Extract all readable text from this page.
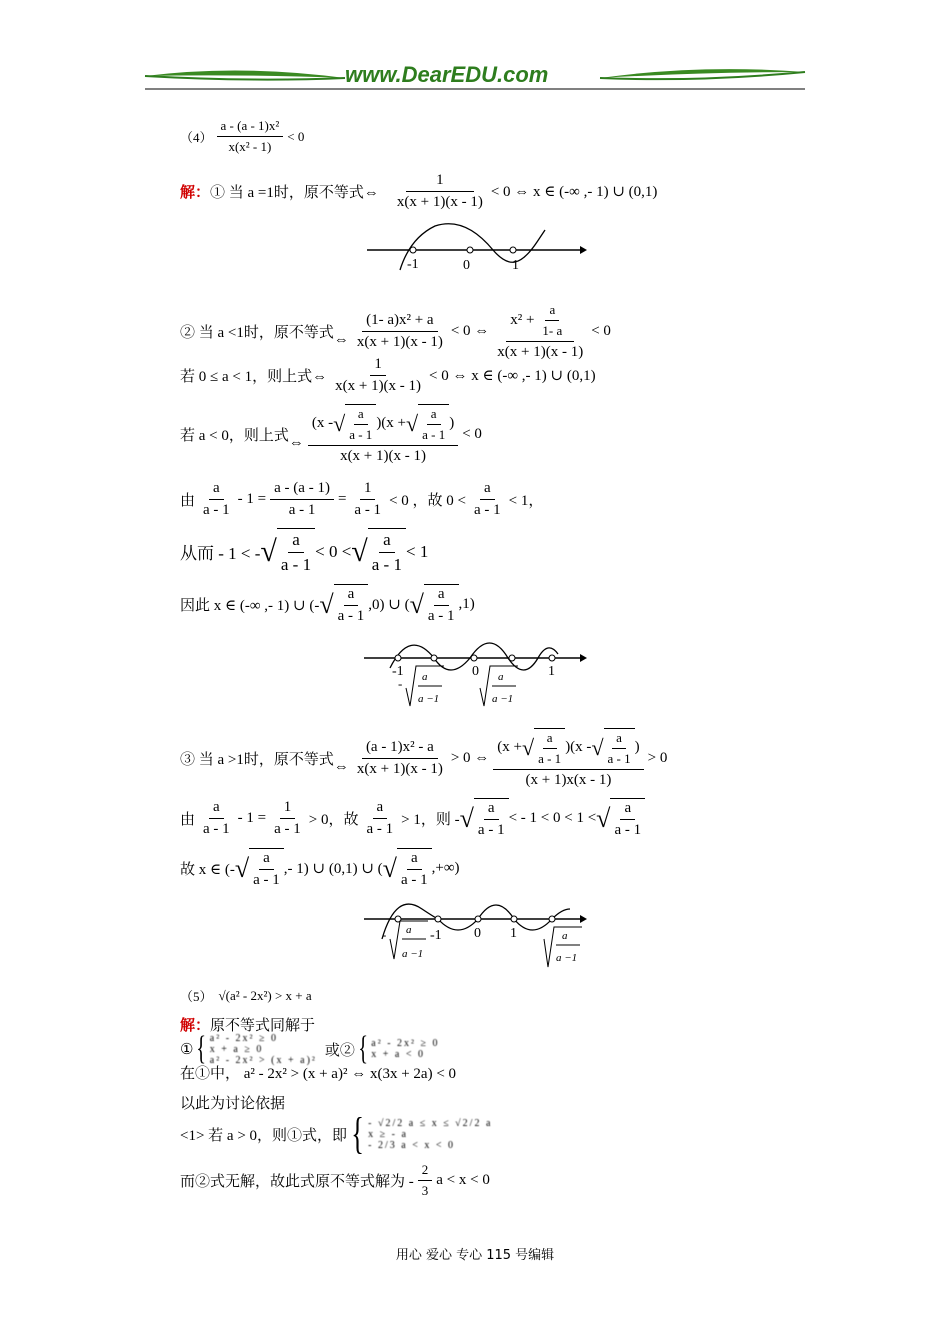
www.DearEDU.com
$(4) \frac{\text{a - (a - 1)x²}}{\text{x(x² - 1)}} < 0$
解： ① 当 a =1时，原不等式⇔ $\frac{1}{x(x + 1)(x - 1)} < 0$ ⇔ x ∈ (-∞ ,- 1) ∪ (0,1)
-1	0	1
② 当 a <1时，原不等式 ⇔ $\frac{\text{(1- a)x² + a}}{x(x + 1)(x - 1)} < 0$ ⇔ $\frac{x^2 + \frac{a}{1- a}}{x(x + 1)(x - 1)} < 0$
若 0 ≤ a < 1，则上式⇔ $\frac{1}{x(x + 1)(x - 1)} < 0$ ⇔ x ∈ (-∞ ,- 1) ∪ (0,1)
若 a < 0，则上式 ⇔
(x - √ $\frac{a}{a - 1} )(x$ + √ $\frac{a}{a - 1}$ )
x(x + 1)(x - 1)
< 0
由 $\frac{a}{a - 1} - 1 = \frac{a - (a - 1)}{a - 1} = \frac{1}{a - 1} < 0$ ，故 $0 < \frac{a}{a - 1} < 1$，
从而 - 1 < - √ $\frac{a}{a - 1} < 0$ < √ $\frac{a}{a - 1} < 1$
因此 x ∈ (-∞ ,- 1) ∪ (- √ $\frac{a}{a - 1} ,0$) ∪ ( √ $\frac{a}{a - 1} ,1$)
-1	0	1
- a
a −1
a
a −1
③ 当 a >1时，原不等式 ⇔ $\frac{\text{(a - 1)x² - a}}{x(x + 1)(x - 1)} > 0$ ⇔
(x + √ $\frac{a}{a - 1} )(x$ - √ $\frac{a}{a - 1}$ )
(x + 1)x(x - 1)
> 0
由 $\frac{a}{a - 1} - 1 = \frac{1}{a - 1} > 0$，故 $\frac{a}{a - 1} > 1$，则 - √ $\frac{a}{a - 1}$ < - 1 < 0 < 1 < √ $\frac{a}{a - 1}$
故 x ∈ (- √ $\frac{a}{a - 1}$ ,- 1) ∪ (0,1) ∪ ( √ $\frac{a}{a - 1}$ ,+∞)
- a
a −1
-1 0 1	a
a −1
（5） √(a² - 2x²) > x + a
解： 原不等式同解于
① { a² - 2x² ≥ 0
x + a ≥ 0
a² - 2x² > (x + a)²
或② { a² - 2x² ≥ 0
x + a < 0
在①中， a² - 2x² > (x + a)² ⇔ x(3x + 2a) < 0
以此为讨论依据
<1> 若 a > 0，则①式，即 { - √2/2 a ≤ x ≤ √2/2 a
x ≥ - a
- 2/3 a < x < 0
而②式无解，故此式原不等式解为 - $\frac{2}{3}$ a < x < 0
用心 爱心 专心 115 号编辑
